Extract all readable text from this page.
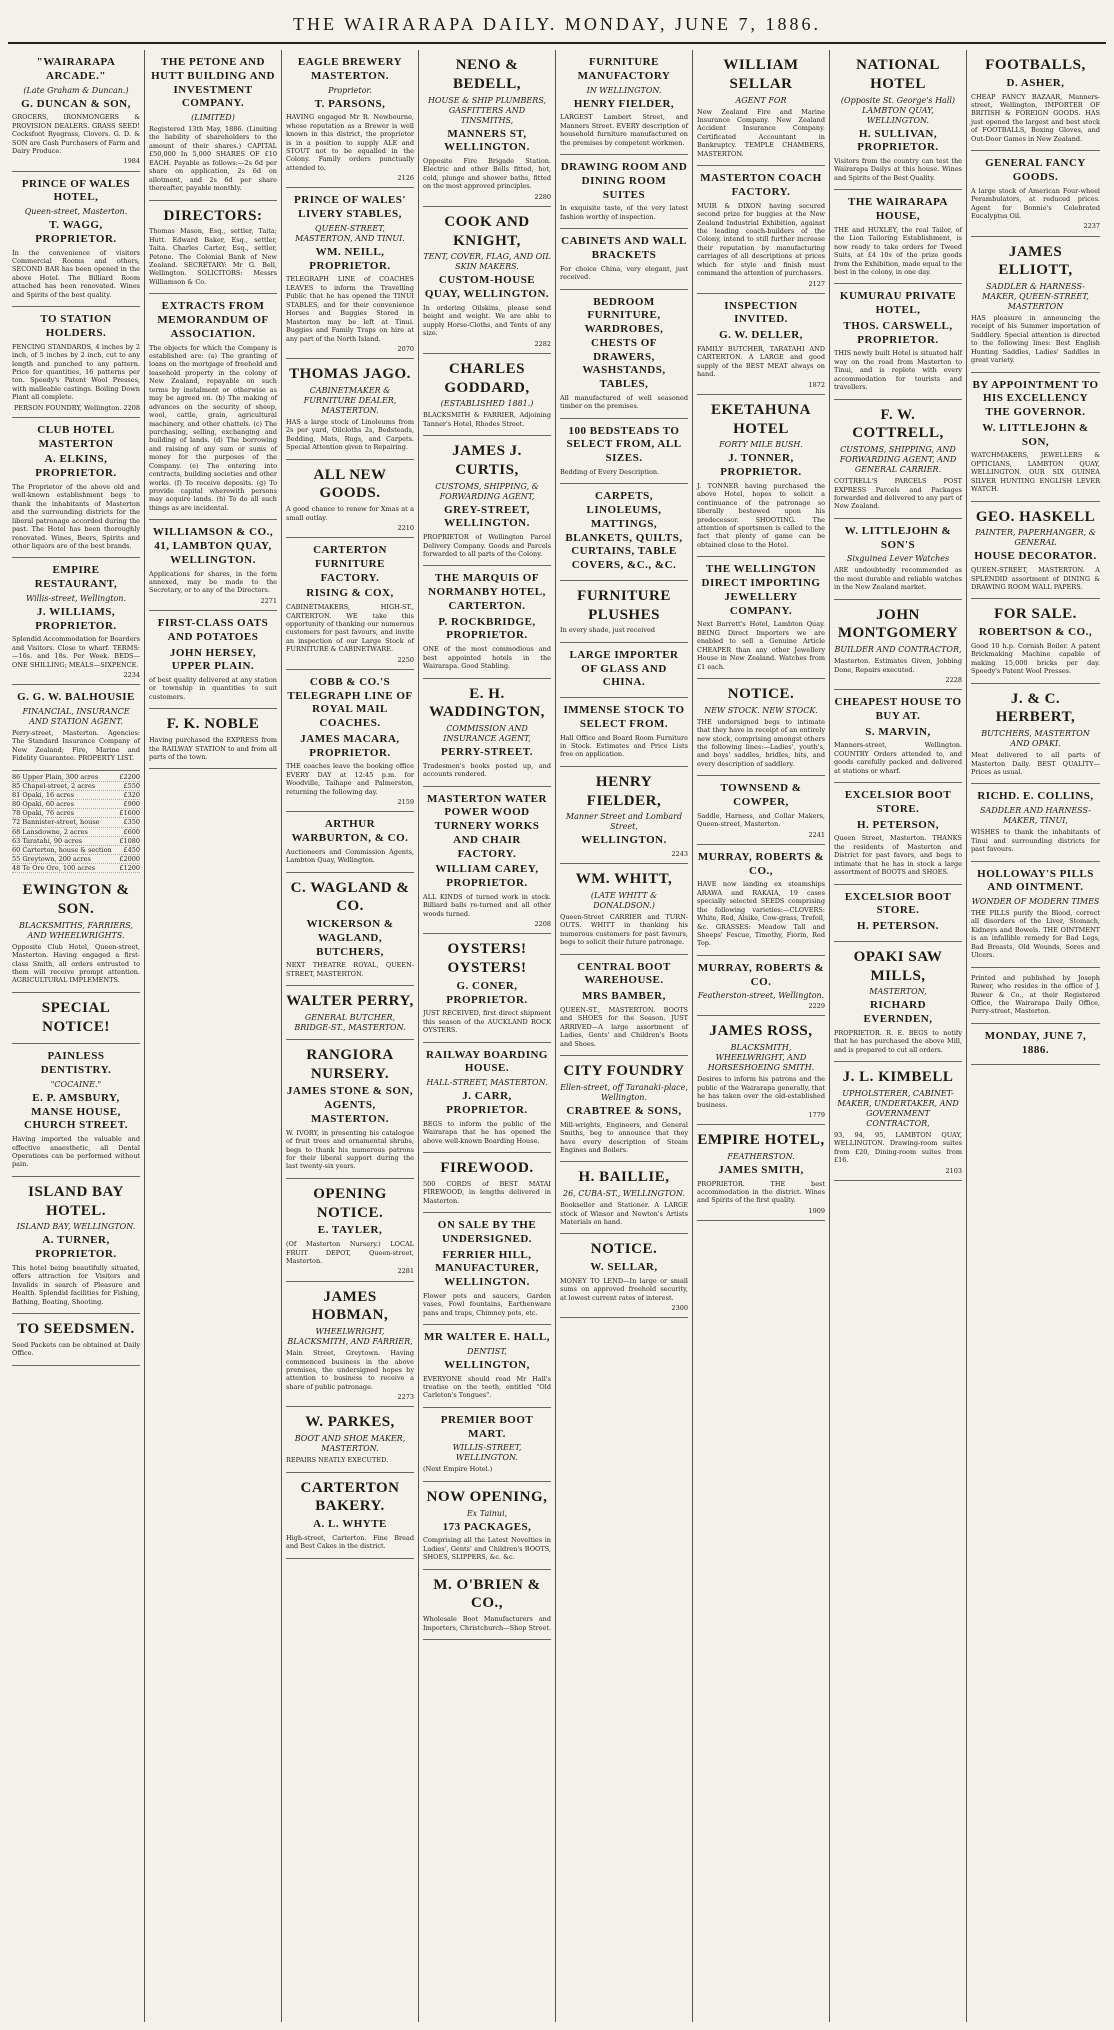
THE WAIRARAPA DAILY. MONDAY, JUNE 7, 1886.
"WAIRARAPA ARCADE."
(Late Graham & Duncan.)
G. DUNCAN & SON,
GROCERS, IRONMONGERS & PROVISION DEALERS. GRASS SEED! Cocksfoot Ryegrass, Clovers. G. D. & SON are Cash Purchasers of Farm and Dairy Produce.
1984
PRINCE OF WALES HOTEL,
Queen-street, Masterton.
T. WAGG, PROPRIETOR.
In the convenience of visitors Commercial Rooms and others, SECOND BAR has been opened in the above Hotel. The Billiard Room attached has been renovated. Wines and Spirits of the best quality.
TO STATION HOLDERS.
FENCING STANDARDS, 4 inches by 2 inch, of 5 inches by 2 inch, cut to any length and punched to any pattern. Price for quantities, 16 patterns per ton. Speedy's Patent Wool Presses, with malleable castings. Boiling Down Plant all complete.
PERSON FOUNDRY, Wellington. 2208
CLUB HOTEL MASTERTON
A. ELKINS, PROPRIETOR.
The Proprietor of the above old and well-known establishment begs to thank the inhabitants of Masterton and the surrounding districts for the liberal patronage accorded during the past. The Hotel has been thoroughly renovated. Wines, Beers, Spirits and other liquors are of the best brands.
EMPIRE RESTAURANT,
Willis-street, Wellington.
J. WILLIAMS, PROPRIETOR.
Splendid Accommodation for Boarders and Visitors. Close to wharf. TERMS:—16s. and 18s. Per Week. BEDS—ONE SHILLING; MEALS—SIXPENCE.
2234
G. G. W. BALHOUSIE
FINANCIAL, INSURANCE AND STATION AGENT.
Perry-street, Masterton. Agencies: The Standard Insurance Company of New Zealand; Fire, Marine and Fidelity Guarantee. PROPERTY LIST.
86 Upper Plain, 300 acres	£2200
85 Chapel-street, 2 acres	£550
81 Opaki, 16 acres	£320
80 Opaki, 60 acres	£900
78 Opaki, 76 acres	£1600
72 Bannister-street, house	£350
68 Lansdowne, 2 acres	£600
63 Taratahi, 90 acres	£1080
60 Carterton, house & section £450
55 Greytown, 200 acres	£2000
48 Te Ore Ore, 100 acres	£1200
EWINGTON & SON.
BLACKSMITHS, FARRIERS, AND WHEELWRIGHTS.
Opposite Club Hotel, Queen-street, Masterton. Having engaged a first-class Smith, all orders entrusted to them will receive prompt attention. AGRICULTURAL IMPLEMENTS.
SPECIAL NOTICE!
PAINLESS DENTISTRY.
"COCAINE."
E. P. AMSBURY, MANSE HOUSE, CHURCH STREET.
Having imported the valuable and effective anaesthetic, all Dental Operations can be performed without pain.
ISLAND BAY HOTEL.
ISLAND BAY, WELLINGTON.
A. TURNER, PROPRIETOR.
This hotel being beautifully situated, offers attraction for Visitors and Invalids in search of Pleasure and Health. Splendid facilities for Fishing, Bathing, Boating, Shooting.
TO SEEDSMEN.
Seed Packets can be obtained at Daily Office.
THE PETONE AND HUTT BUILDING AND INVESTMENT COMPANY.
(LIMITED)
Registered 13th May, 1886. (Limiting the liability of shareholders to the amount of their shares.) CAPITAL £50,000 In 5,000 SHARES OF £10 EACH. Payable as follows:—2s 6d per share on application, 2s 6d on allotment, and 2s 6d per share thereafter, payable monthly.
DIRECTORS:
Thomas Mason, Esq., settler, Taita; Hutt. Edward Baker, Esq., settler, Taita. Charles Carter, Esq., settler, Petone. The Colonial Bank of New Zealand. SECRETARY: Mr G. Bell, Wellington. SOLICITORS: Messrs Williamson & Co.
EXTRACTS FROM MEMORANDUM OF ASSOCIATION.
The objects for which the Company is established are: (a) The granting of loans on the mortgage of freehold and leasehold property in the colony of New Zealand, repayable on such terms by instalment or otherwise as may be agreed on. (b) The making of advances on the security of sheep, wool, cattle, grain, agricultural machinery, and other chattels. (c) The purchasing, selling, exchanging and building of lands. (d) The borrowing and raising of any sum or sums of money for the purposes of the Company. (e) The entering into contracts, building societies and other works. (f) To receive deposits. (g) To provide capital wherewith persons may acquire lands. (h) To do all such things as are incidental.
WILLIAMSON & CO., 41, LAMBTON QUAY, WELLINGTON.
Applications for shares, in the form annexed, may be made to the Secretary, or to any of the Directors.
2271
FIRST-CLASS OATS AND POTATOES
JOHN HERSEY, UPPER PLAIN.
of best quality delivered at any station or township in quantities to suit customers.
F. K. NOBLE
Having purchased the EXPRESS from the RAILWAY STATION to and from all parts of the town.
EAGLE BREWERY MASTERTON.
Proprietor.
T. PARSONS,
HAVING engaged Mr R. Newbourne, whose reputation as a Brewer is well known in this district, the proprietor is in a position to supply ALE and STOUT not to be equalled in the Colony. Family orders punctually attended to.
2126
PRINCE OF WALES' LIVERY STABLES,
QUEEN-STREET, MASTERTON, AND TINUI.
WM. NEILL, PROPRIETOR.
TELEGRAPH LINE of COACHES LEAVES to inform the Travelling Public that he has opened the TINUI STABLES, and for their convenience Horses and Buggies Stored in Masterton may be left at Tinui. Buggies and Family Traps on hire at any part of the North Island.
2070
THOMAS JAGO.
CABINETMAKER & FURNITURE DEALER, MASTERTON.
HAS a large stock of Linoleums from 2s per yard, Oilcloths 2s, Bedsteads, Bedding, Mats, Rugs, and Carpets. Special Attention given to Repairing.
ALL NEW GOODS.
A good chance to renew for Xmas at a small outlay.
2210
CARTERTON FURNITURE FACTORY.
RISING & COX,
CABINETMAKERS, HIGH-ST., CARTERTON. WE take this opportunity of thanking our numerous customers for past favours, and invite an inspection of our Large Stock of FURNITURE & CABINETWARE.
2250
COBB & CO.'S TELEGRAPH LINE OF ROYAL MAIL COACHES.
JAMES MACARA, PROPRIETOR.
THE coaches leave the booking office EVERY DAY at 12:45 p.m. for Woodville, Taihape and Palmerston, returning the following day.
2159
ARTHUR WARBURTON, & CO.
Auctioneers and Commission Agents, Lambton Quay, Wellington.
C. WAGLAND & CO.
WICKERSON & WAGLAND, BUTCHERS,
NEXT THEATRE ROYAL, QUEEN-STREET, MASTERTON.
WALTER PERRY,
GENERAL BUTCHER, BRIDGE-ST., MASTERTON.
RANGIORA NURSERY.
JAMES STONE & SON, AGENTS, MASTERTON.
W. IVORY, in presenting his catalogue of fruit trees and ornamental shrubs, begs to thank his numerous patrons for their liberal support during the last twenty-six years.
OPENING NOTICE.
E. TAYLER,
(Of Masterton Nursery.) LOCAL FRUIT DEPOT, Queen-street, Masterton.
2281
JAMES HOBMAN,
WHEELWRIGHT, BLACKSMITH, AND FARRIER,
Main Street, Greytown. Having commenced business in the above premises, the undersigned hopes by attention to business to receive a share of public patronage.
2273
W. PARKES,
BOOT AND SHOE MAKER, MASTERTON.
REPAIRS NEATLY EXECUTED.
CARTERTON BAKERY.
A. L. WHYTE
High-street, Carterton. Fine Bread and Best Cakes in the district.
NENO & BEDELL,
HOUSE & SHIP PLUMBERS, GASFITTERS AND TINSMITHS,
MANNERS ST, WELLINGTON.
Opposite Fire Brigade Station. Electric and other Bells fitted, hot, cold, plunge and shower baths, fitted on the most approved principles.
2280
COOK AND KNIGHT,
TENT, COVER, FLAG, AND OIL SKIN MAKERS.
CUSTOM-HOUSE QUAY, WELLINGTON.
In ordering Oilskins, please send height and weight. We are able to supply Horse-Cloths, and Tents of any size.
2282
CHARLES GODDARD,
(ESTABLISHED 1881.)
BLACKSMITH & FARRIER, Adjoining Tanner's Hotel, Rhodes Street.
JAMES J. CURTIS,
CUSTOMS, SHIPPING, & FORWARDING AGENT,
GREY-STREET, WELLINGTON.
PROPRIETOR of Wellington Parcel Delivery Company. Goods and Parcels forwarded to all parts of the Colony.
THE MARQUIS OF NORMANBY HOTEL, CARTERTON.
P. ROCKBRIDGE, PROPRIETOR.
ONE of the most commodious and best appointed hotels in the Wairarapa. Good Stabling.
E. H. WADDINGTON,
COMMISSION AND INSURANCE AGENT,
PERRY-STREET.
Tradesmen's books posted up, and accounts rendered.
MASTERTON WATER POWER WOOD TURNERY WORKS AND CHAIR FACTORY.
WILLIAM CAREY, PROPRIETOR.
ALL KINDS of turned work in stock. Billiard balls re-turned and all other woods turned.
2208
OYSTERS! OYSTERS!
G. CONER, PROPRIETOR.
JUST RECEIVED, first direct shipment this season of the AUCKLAND ROCK OYSTERS.
RAILWAY BOARDING HOUSE.
HALL-STREET, MASTERTON.
J. CARR, PROPRIETOR.
BEGS to inform the public of the Wairarapa that he has opened the above well-known Boarding House.
FIREWOOD.
500 CORDS of BEST MATAI FIREWOOD, in lengths delivered in Masterton.
ON SALE BY THE UNDERSIGNED.
FERRIER HILL, MANUFACTURER, WELLINGTON.
Flower pots and saucers, Garden vases, Fowl fountains, Earthenware pans and traps, Chimney pots, etc.
MR WALTER E. HALL,
DENTIST,
WELLINGTON,
EVERYONE should read Mr Hall's treatise on the teeth, entitled "Old Carleton's Tongues".
PREMIER BOOT MART.
WILLIS-STREET, WELLINGTON.
(Next Empire Hotel.)
NOW OPENING,
Ex Tainui,
173 PACKAGES,
Comprising all the Latest Novelties in Ladies', Gents' and Children's BOOTS, SHOES, SLIPPERS, &c. &c.
M. O'BRIEN & CO.,
Wholesale Boot Manufacturers and Importers, Christchurch—Shop Street.
FURNITURE MANUFACTORY
IN WELLINGTON.
HENRY FIELDER,
LARGEST Lambert Street, and Manners Street. EVERY description of household furniture manufactured on the premises by competent workmen.
DRAWING ROOM AND DINING ROOM SUITES
In exquisite taste, of the very latest fashion worthy of inspection.
CABINETS AND WALL BRACKETS
For choice China, very elegant, just received.
BEDROOM FURNITURE, WARDROBES, CHESTS OF DRAWERS, WASHSTANDS, TABLES,
All manufactured of well seasoned timber on the premises.
100 BEDSTEADS TO SELECT FROM, ALL SIZES.
Bedding of Every Description.
CARPETS, LINOLEUMS, MATTINGS, BLANKETS, QUILTS, CURTAINS, TABLE COVERS, &C., &C.
FURNITURE PLUSHES
In every shade, just received
LARGE IMPORTER OF GLASS AND CHINA.
IMMENSE STOCK TO SELECT FROM.
Hall Office and Board Room Furniture in Stock. Estimates and Price Lists free on application.
HENRY FIELDER,
Manner Street and Lombard Street,
WELLINGTON.
2243
WM. WHITT,
(LATE WHITT & DONALDSON.)
Queen-Street CARRIER and TURN-OUTS. WHITT in thanking his numerous customers for past favours, begs to solicit their future patronage.
CENTRAL BOOT WAREHOUSE.
MRS BAMBER,
QUEEN-ST., MASTERTON. BOOTS and SHOES for the Season. JUST ARRIVED—A large assortment of Ladies, Gents' and Children's Boots and Shoes.
CITY FOUNDRY
Ellen-street, off Taranaki-place, Wellington.
CRABTREE & SONS,
Mill-wrights, Engineers, and General Smiths, beg to announce that they have every description of Steam Engines and Boilers.
H. BAILLIE,
26, CUBA-ST., WELLINGTON.
Bookseller and Stationer. A LARGE stock of Winsor and Newton's Artists Materials on hand.
NOTICE.
W. SELLAR,
MONEY TO LEND—In large or small sums on approved freehold security, at lowest current rates of interest.
2300
WILLIAM SELLAR
AGENT FOR
New Zealand Fire and Marine Insurance Company. New Zealand Accident Insurance Company. Certificated Accountant in Bankruptcy. TEMPLE CHAMBERS, MASTERTON.
MASTERTON COACH FACTORY.
MUIR & DIXON having secured second prize for buggies at the New Zealand Industrial Exhibition, against the leading coach-builders of the Colony, intend to still further increase their reputation by manufacturing carriages of all descriptions at prices which for style and finish must command the attention of purchasers.
2127
INSPECTION INVITED.
G. W. DELLER,
FAMILY BUTCHER, TARATAHI AND CARTERTON. A LARGE and good supply of the BEST MEAT always on hand.
1872
EKETAHUNA HOTEL
FORTY MILE BUSH.
J. TONNER, PROPRIETOR.
J. TONNER having purchased the above Hotel, hopes to solicit a continuance of the patronage so liberally bestowed upon his predecessor. SHOOTING. The attention of sportsmen is called to the fact that plenty of game can be obtained close to the Hotel.
THE WELLINGTON DIRECT IMPORTING JEWELLERY COMPANY.
Next Barrett's Hotel, Lambton Quay. BEING Direct Importers we are enabled to sell a Genuine Article CHEAPER than any other Jewellery House in New Zealand. Watches from £1 each.
NOTICE.
NEW STOCK. NEW STOCK.
THE undersigned begs to intimate that they have in receipt of an entirely new stock, comprising amongst others the following lines:—Ladies', youth's, and boys' saddles, bridles, bits, and every description of saddlery.
TOWNSEND & COWPER,
Saddle, Harness, and Collar Makers, Queen-street, Masterton.
2241
MURRAY, ROBERTS & CO.,
HAVE now landing ex steamships ARAWA and RAKAIA, 19 cases specially selected SEEDS comprising the following varieties:—CLOVERS: White, Red, Alsike, Cow-grass, Trefoil, &c. GRASSES: Meadow Tall and Sheeps' Fescue, Timothy, Fiorin, Red Top.
MURRAY, ROBERTS & CO.
Featherston-street, Wellington.
2229
JAMES ROSS,
BLACKSMITH, WHEELWRIGHT, AND HORSESHOEING SMITH.
Desires to inform his patrons and the public of the Wairarapa generally, that he has taken over the old-established business.
1779
EMPIRE HOTEL,
FEATHERSTON.
JAMES SMITH,
PROPRIETOR. THE best accommodation in the district. Wines and Spirits of the first quality.
1909
NATIONAL HOTEL
(Opposite St. George's Hall) LAMBTON QUAY, WELLINGTON.
H. SULLIVAN, PROPRIETOR.
Visitors from the country can test the Wairarapa Dailys at this house. Wines and Spirits of the Best Quality.
THE WAIRARAPA HOUSE,
THE and HUXLEY, the real Tailor, of the Lion Tailoring Establishment, is now ready to take orders for Tweed Suits, at £4 10s of the prize goods from the Exhibition, made equal to the best in the colony, in one day.
KUMURAU PRIVATE HOTEL,
THOS. CARSWELL, PROPRIETOR.
THIS newly built Hotel is situated half way on the road from Masterton to Tinui, and is replete with every accommodation for tourists and travellers.
F. W. COTTRELL,
CUSTOMS, SHIPPING, AND FORWARDING AGENT, AND GENERAL CARRIER.
COTTRELL'S PARCELS POST EXPRESS Parcels and Packages forwarded and delivered to any part of New Zealand.
W. LITTLEJOHN & SON'S
Sixguinea Lever Watches
ARE undoubtedly recommended as the most durable and reliable watches in the New Zealand market.
JOHN MONTGOMERY
BUILDER AND CONTRACTOR,
Masterton. Estimates Given, Jobbing Done, Repairs executed.
2228
CHEAPEST HOUSE TO BUY AT.
S. MARVIN,
Manners-street, Wellington. COUNTRY Orders attended to, and goods carefully packed and delivered at stations or wharf.
EXCELSIOR BOOT STORE.
H. PETERSON,
Queen Street, Masterton. THANKS the residents of Masterton and District for past favors, and begs to intimate that he has in stock a large assortment of BOOTS and SHOES.
EXCELSIOR BOOT STORE.
H. PETERSON.
OPAKI SAW MILLS,
MASTERTON,
RICHARD EVERNDEN,
PROPRIETOR. R. E. BEGS to notify that he has purchased the above Mill, and is prepared to cut all orders.
J. L. KIMBELL
UPHOLSTERER, CABINET-MAKER, UNDERTAKER, AND GOVERNMENT CONTRACTOR,
93, 94, 95, LAMBTON QUAY, WELLINGTON. Drawing-room suites from £20, Dining-room suites from £16.
2103
FOOTBALLS,
D. ASHER,
CHEAP FANCY BAZAAR, Manners-street, Wellington, IMPORTER OF BRITISH & FOREIGN GOODS. HAS just opened the largest and best stock of FOOTBALLS, Boxing Gloves, and Out-Door Games in New Zealand.
GENERAL FANCY GOODS.
A large stock of American Four-wheel Perambulators, at reduced prices. Agent for Bonnie's Celebrated Eucalyptus Oil.
2237
JAMES ELLIOTT,
SADDLER & HARNESS-MAKER, QUEEN-STREET, MASTERTON
HAS pleasure in announcing the receipt of his Summer importation of Saddlery. Special attention is directed to the following lines: Best English Hunting Saddles, Ladies' Saddles in great variety.
BY APPOINTMENT TO HIS EXCELLENCY THE GOVERNOR.
W. LITTLEJOHN & SON,
WATCHMAKERS, JEWELLERS & OPTICIANS, LAMBTON QUAY, WELLINGTON. OUR SIX GUINEA SILVER HUNTING ENGLISH LEVER WATCH.
GEO. HASKELL
PAINTER, PAPERHANGER, & GENERAL
HOUSE DECORATOR.
QUEEN-STREET, MASTERTON. A SPLENDID assortment of DINING & DRAWING ROOM WALL PAPERS.
FOR SALE.
ROBERTSON & CO.,
Good 10 h.p. Cornish Boiler. A patent Brickmaking Machine capable of making 15,000 bricks per day. Speedy's Patent Wool Presses.
J. & C. HERBERT,
BUTCHERS, MASTERTON AND OPAKI.
Meat delivered to all parts of Masterton Daily. BEST QUALITY—Prices as usual.
RICHD. E. COLLINS,
SADDLER AND HARNESS-MAKER, TINUI,
WISHES to thank the inhabitants of Tinui and surrounding districts for past favours.
HOLLOWAY'S PILLS AND OINTMENT.
WONDER OF MODERN TIMES
THE PILLS purify the Blood, correct all disorders of the Liver, Stomach, Kidneys and Bowels. THE OINTMENT is an infallible remedy for Bad Legs, Bad Breasts, Old Wounds, Sores and Ulcers.
Printed and published by Joseph Ruwer, who resides in the office of J. Ruwer & Co., at their Registered Office, the Wairarapa Daily Office, Perry-street, Masterton.
MONDAY, JUNE 7, 1886.
